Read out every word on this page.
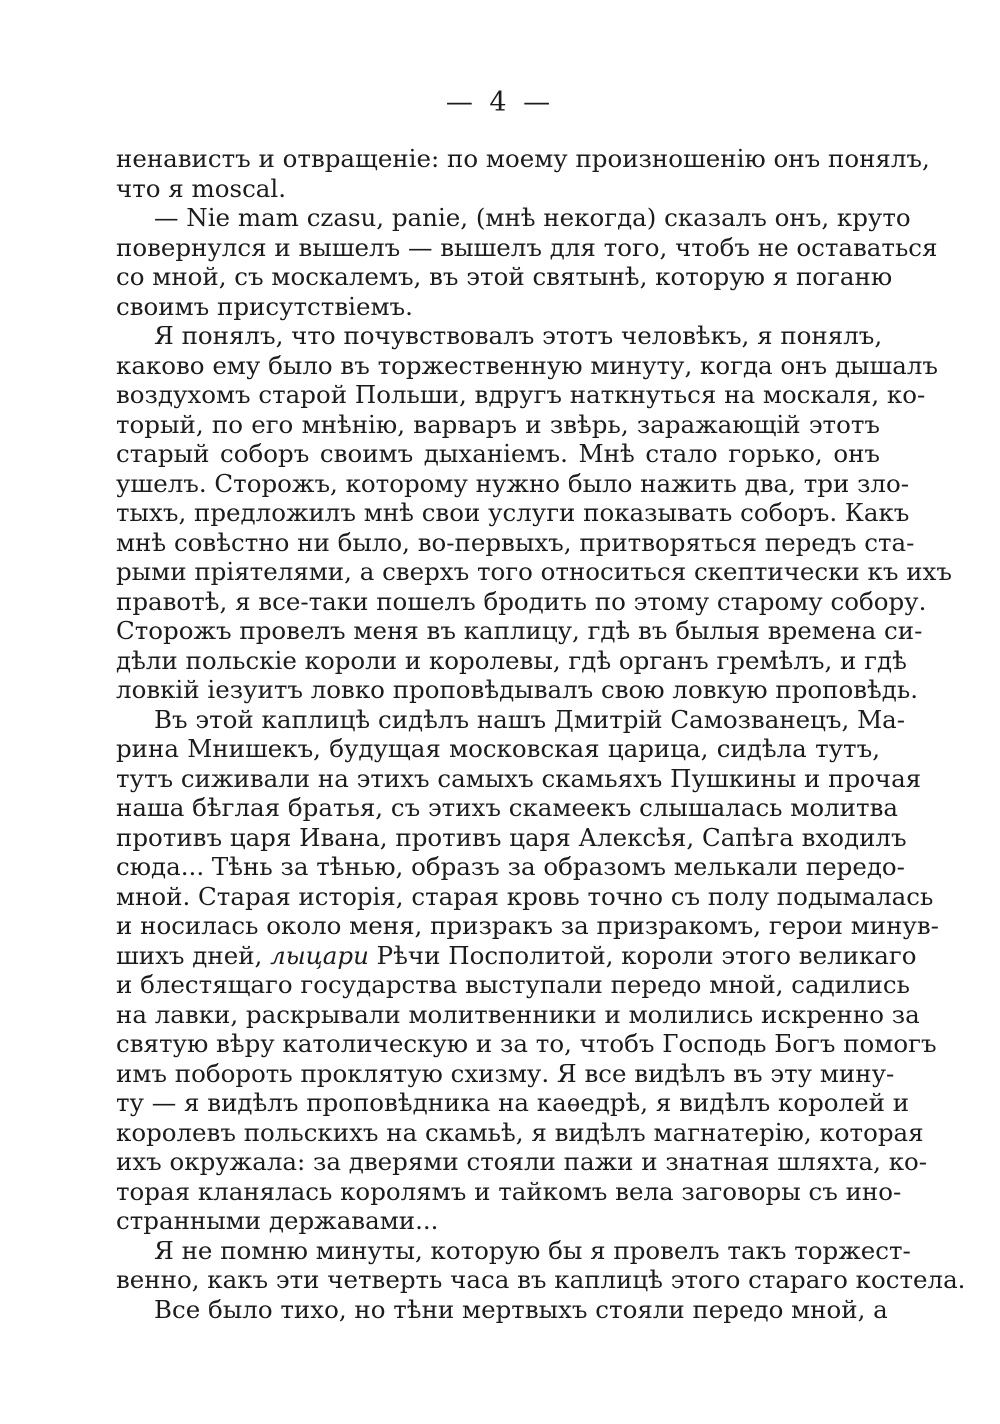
— 4 —

ненавистъ и отвращеніе: по моему произношенію онъ понялъ,
что я moscal.

— Nie mam czasu, panie, (мнѣ некогда) сказалъ онъ, круто
повернулся и вышелъ — вышелъ для того, чтобъ не оставаться
со мной, съ москалемъ, въ этой святынѣ, которую я поганю
своимъ присутствіемъ.

Я понялъ, что почувствовалъ этотъ человѣкъ, я понялъ,
каково ему было въ торжественную минуту, когда онъ дышалъ
воздухомъ старой Польши, вдругъ наткнуться на москаля, ко-
торый, по его мнѣнію, варваръ и звѣрь, заражающій этотъ
старый соборъ своимъ дыханіемъ. Мнѣ стало горько, онъ
ушелъ. Сторожъ, которому нужно было нажить два, три зло-
тыхъ, предложилъ мнѣ свои услуги показывать соборъ. Какъ
мнѣ совѣстно ни было, во-первыхъ, притворяться передъ ста-
рыми пріятелями, а сверхъ того относиться скептически къ ихъ
правотѣ, я все-таки пошелъ бродить по этому старому собору.
Сторожъ провелъ меня въ каплицу, гдѣ въ былыя времена си-
дѣли польскіе короли и королевы, гдѣ органъ гремѣлъ, и гдѣ
ловкій іезуитъ ловко проповѣдывалъ свою ловкую проповѣдь.

Въ этой каплицѣ сидѣлъ нашъ Дмитрій Самозванецъ, Ма-
рина Мнишекъ, будущая московская царица, сидѣла тутъ,
тутъ сиживали на этихъ самыхъ скамьяхъ Пушкины и прочая
наша бѣглая братья, съ этихъ скамеекъ слышалась молитва
противъ царя Ивана, противъ царя Алексѣя, Сапѣга входилъ
сюда... Тѣнь за тѣнью, образъ за образомъ мелькали передо-
мной. Старая исторія, старая кровь точно съ полу подымалась
и носилась около меня, призракъ за призракомъ, герои минув-
шихъ дней, лыцари Рѣчи Посполитой, короли этого великаго
и блестящаго государства выступали передо мной, садились
на лавки, раскрывали молитвенники и молились искренно за
святую вѣру католическую и за то, чтобъ Господь Богъ помогъ
имъ побороть проклятую схизму. Я все видѣлъ въ эту мину-
ту — я видѣлъ проповѣдника на каѳедрѣ, я видѣлъ королей и
королевъ польскихъ на скамьѣ, я видѣлъ магнатерію, которая
ихъ окружала: за дверями стояли пажи и знатная шляхта, ко-
торая кланялась королямъ и тайкомъ вела заговоры съ ино-
странными державами...

Я не помню минуты, которую бы я провелъ такъ торжест-
венно, какъ эти четверть часа въ каплицѣ этого стараго костела.

Все было тихо, но тѣни мертвыхъ стояли передо мной, а
